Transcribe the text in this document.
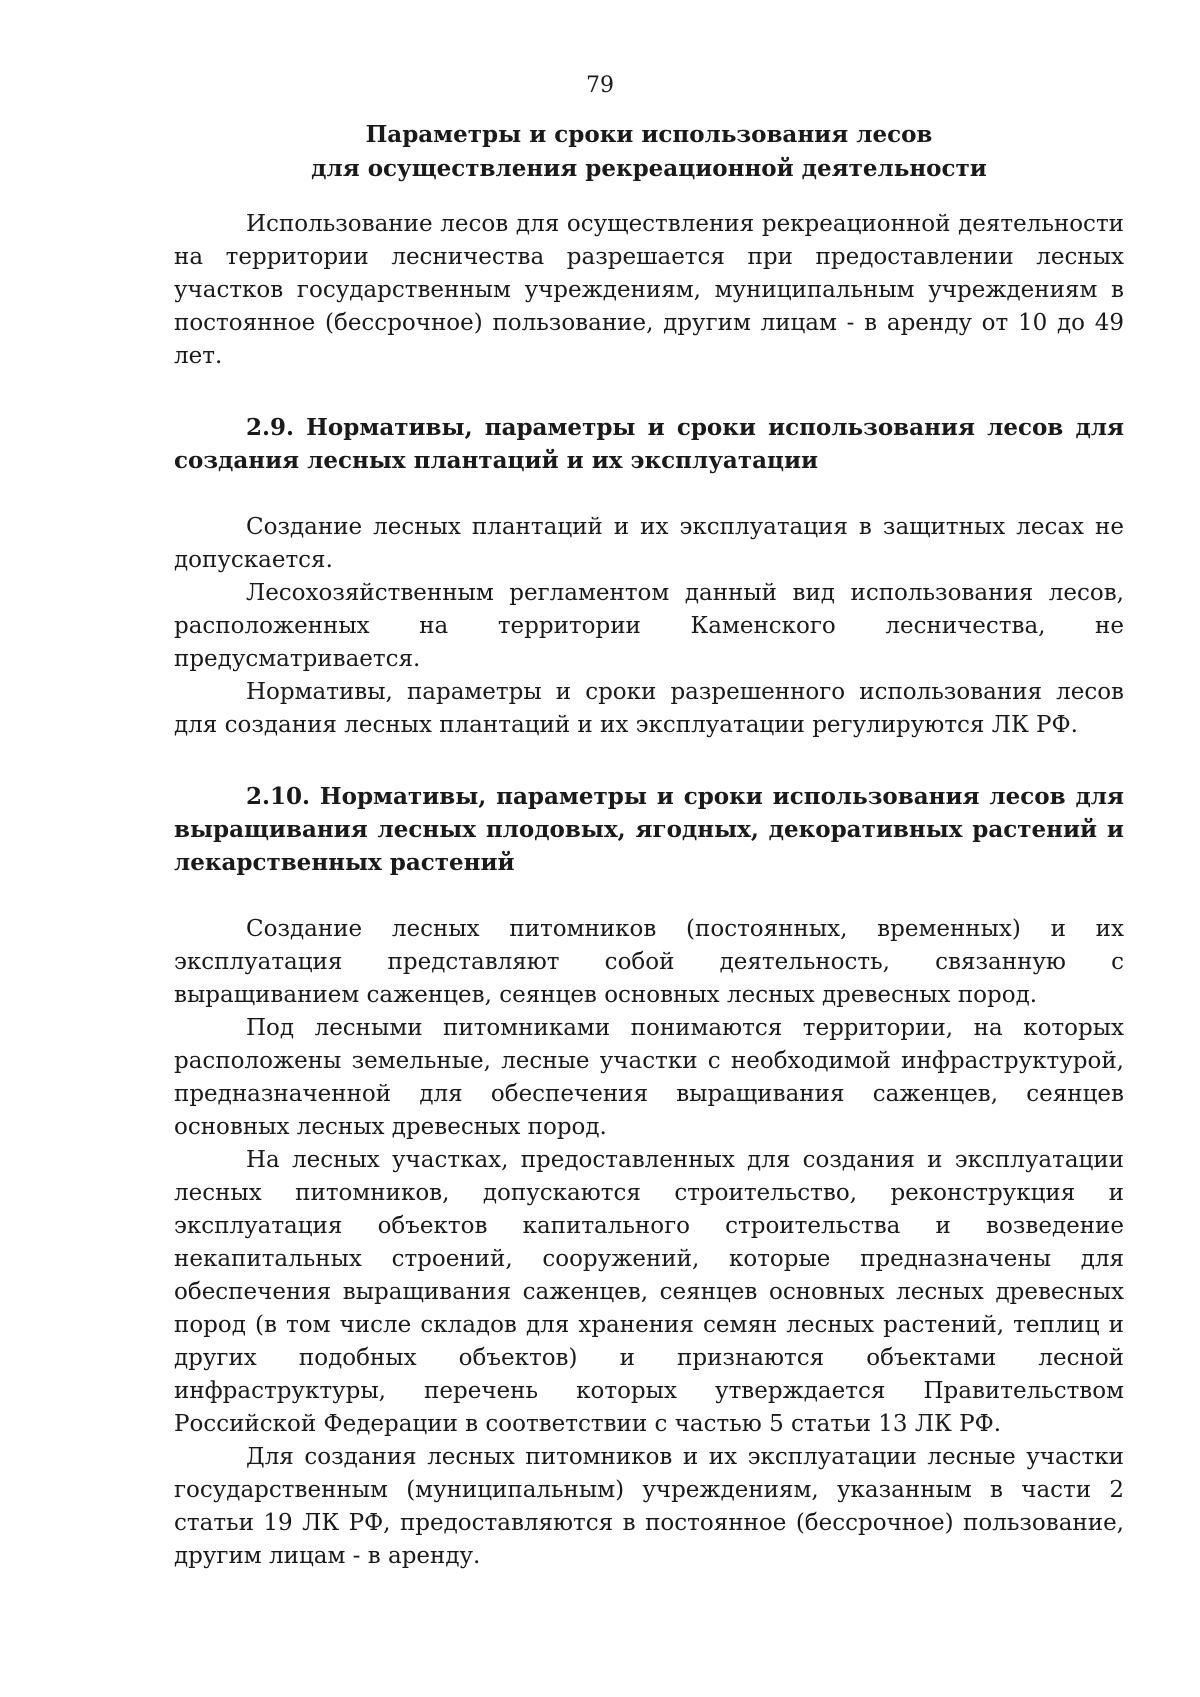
79

Параметры и сроки использования лесов

для осуществления рекреационной деятельности

Использование лесов для осуществления рекреационной деятельности на территории лесничества разрешается при предоставлении лесных участков государственным учреждениям, муниципальным учреждениям в постоянное (бессрочное) пользование, другим лицам - в аренду от 10 до 49 лет.

2.9. Нормативы, параметры и сроки использования лесов для создания лесных плантаций и их эксплуатации

Создание лесных плантаций и их эксплуатация в защитных лесах не допускается.

Лесохозяйственным регламентом данный вид использования лесов, расположенных на территории Каменского лесничества, не предусматривается.

Нормативы, параметры и сроки разрешенного использования лесов для создания лесных плантаций и их эксплуатации регулируются ЛК РФ.

2.10. Нормативы, параметры и сроки использования лесов для выращивания лесных плодовых, ягодных, декоративных растений и лекарственных растений

Создание лесных питомников (постоянных, временных) и их эксплуатация представляют собой деятельность, связанную с выращиванием саженцев, сеянцев основных лесных древесных пород.

Под лесными питомниками понимаются территории, на которых расположены земельные, лесные участки с необходимой инфраструктурой, предназначенной для обеспечения выращивания саженцев, сеянцев основных лесных древесных пород.

На лесных участках, предоставленных для создания и эксплуатации лесных питомников, допускаются строительство, реконструкция и эксплуатация объектов капитального строительства и возведение некапитальных строений, сооружений, которые предназначены для обеспечения выращивания саженцев, сеянцев основных лесных древесных пород (в том числе складов для хранения семян лесных растений, теплиц и других подобных объектов) и признаются объектами лесной инфраструктуры, перечень которых утверждается Правительством Российской Федерации в соответствии с частью 5 статьи 13 ЛК РФ.

Для создания лесных питомников и их эксплуатации лесные участки государственным (муниципальным) учреждениям, указанным в части 2 статьи 19 ЛК РФ, предоставляются в постоянное (бессрочное) пользование, другим лицам - в аренду.
